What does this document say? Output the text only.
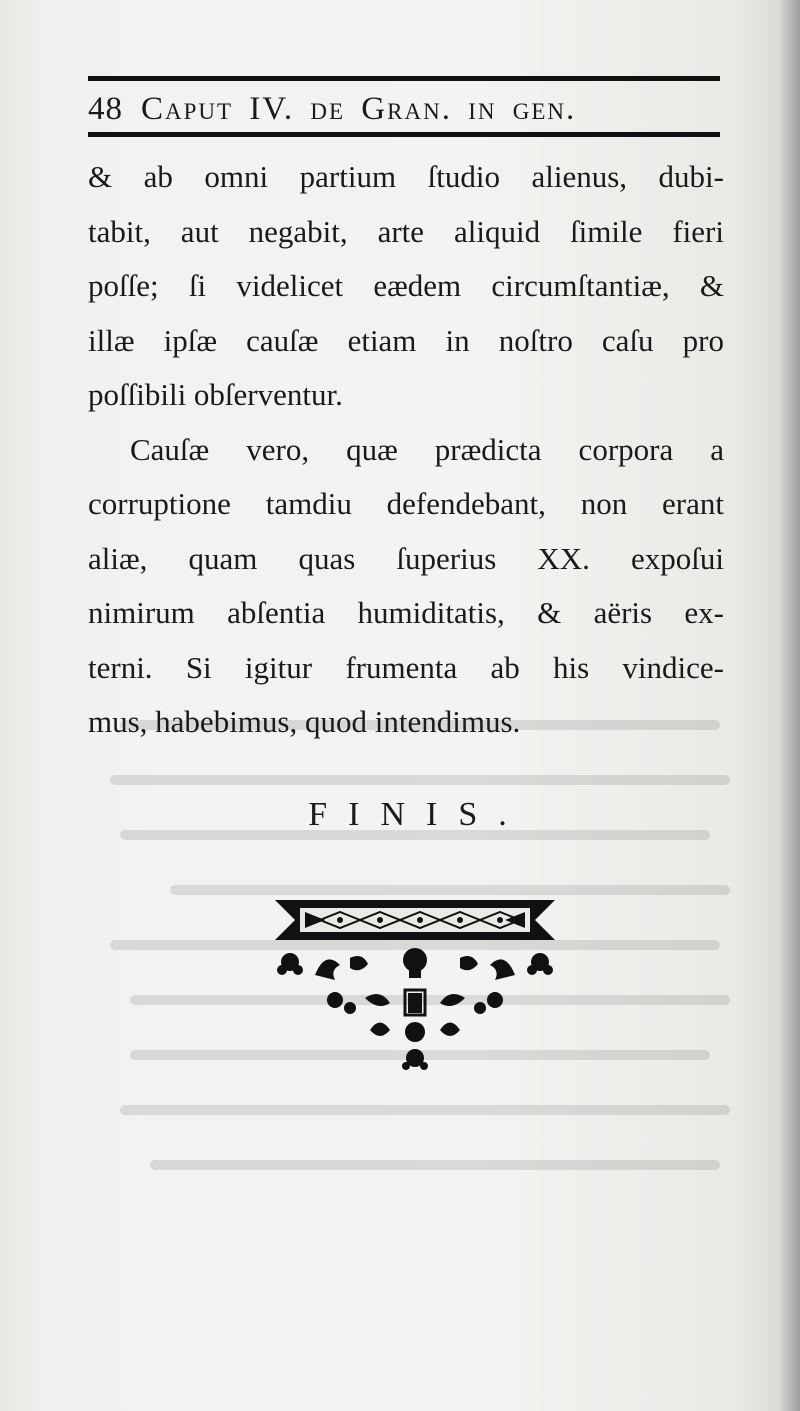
48 Caput IV. de Gran. in gen.
& ab omni partium ſtudio alienus, dubi-
tabit, aut negabit, arte aliquid ſimile fieri
poſſe; ſi videlicet eædem circumſtantiæ, &
illæ ipſæ cauſæ etiam in noſtro caſu pro
poſſibili obſerventur.
Cauſæ vero, quæ prædicta corpora a
corruptione tamdiu defendebant, non erant
aliæ, quam quas ſuperius XX. expoſui
nimirum abſentia humiditatis, & aëris ex-
terni. Si igitur frumenta ab his vindice-
mus, habebimus, quod intendimus.
FINIS.
